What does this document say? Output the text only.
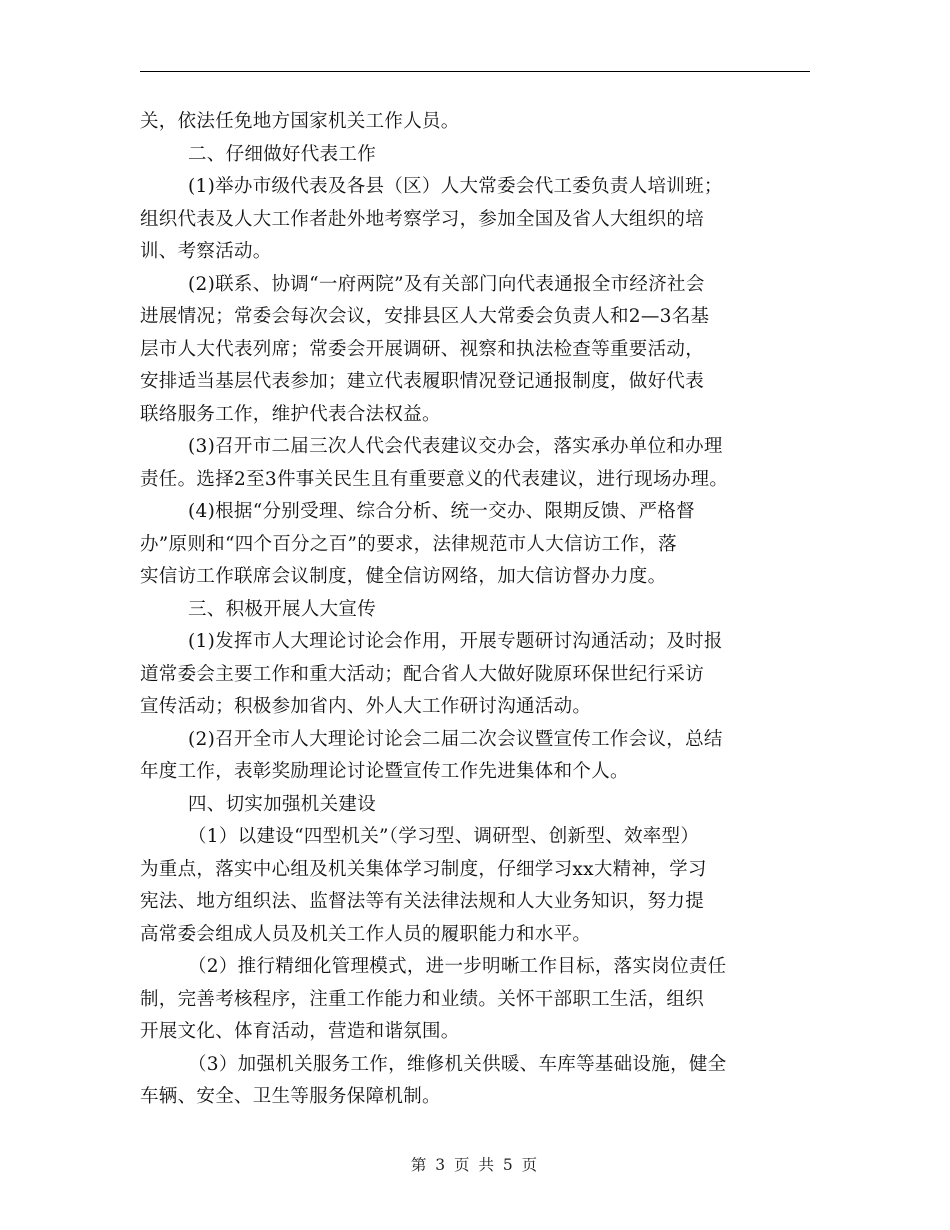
关，依法任免地方国家机关工作人员。
二、仔细做好代表工作
(1)举办市级代表及各县（区）人大常委会代工委负责人培训班；
组织代表及人大工作者赴外地考察学习，参加全国及省人大组织的培
训、考察活动。
(2)联系、协调“一府两院”及有关部门向代表通报全市经济社会
进展情况；常委会每次会议，安排县区人大常委会负责人和2—3名基
层市人大代表列席；常委会开展调研、视察和执法检查等重要活动，
安排适当基层代表参加；建立代表履职情况登记通报制度，做好代表
联络服务工作，维护代表合法权益。
(3)召开市二届三次人代会代表建议交办会，落实承办单位和办理
责任。选择2至3件事关民生且有重要意义的代表建议，进行现场办理。
(4)根据“分别受理、综合分析、统一交办、限期反馈、严格督
办”原则和“四个百分之百”的要求，法律规范市人大信访工作，落
实信访工作联席会议制度，健全信访网络，加大信访督办力度。
三、积极开展人大宣传
(1)发挥市人大理论讨论会作用，开展专题研讨沟通活动；及时报
道常委会主要工作和重大活动；配合省人大做好陇原环保世纪行采访
宣传活动；积极参加省内、外人大工作研讨沟通活动。
(2)召开全市人大理论讨论会二届二次会议暨宣传工作会议，总结
年度工作，表彰奖励理论讨论暨宣传工作先进集体和个人。
四、切实加强机关建设
（1）以建设“四型机关”（学习型、调研型、创新型、效率型）
为重点，落实中心组及机关集体学习制度，仔细学习xx大精神，学习
宪法、地方组织法、监督法等有关法律法规和人大业务知识，努力提
高常委会组成人员及机关工作人员的履职能力和水平。
（2）推行精细化管理模式，进一步明晰工作目标，落实岗位责任
制，完善考核程序，注重工作能力和业绩。关怀干部职工生活，组织
开展文化、体育活动，营造和谐氛围。
（3）加强机关服务工作，维修机关供暖、车库等基础设施，健全
车辆、安全、卫生等服务保障机制。
第 3 页 共 5 页
